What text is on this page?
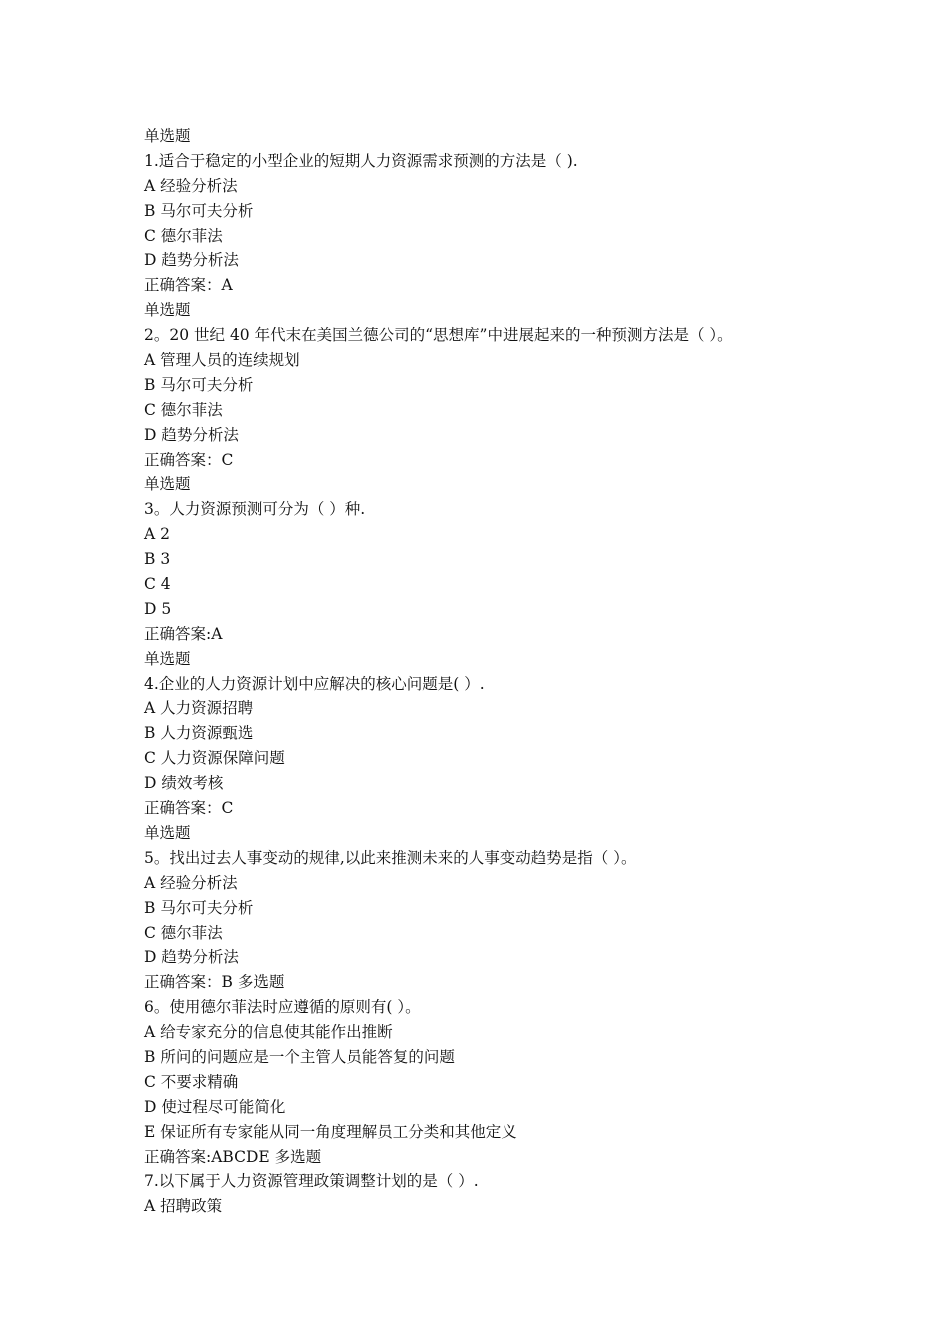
单选题
1.适合于稳定的小型企业的短期人力资源需求预测的方法是（ ).
A 经验分析法
B 马尔可夫分析
C 德尔菲法
D 趋势分析法
正确答案：A
单选题
2。20 世纪 40 年代末在美国兰德公司的“思想库”中进展起来的一种预测方法是（ ）。
A 管理人员的连续规划
B 马尔可夫分析
C 德尔菲法
D 趋势分析法
正确答案：C
单选题
3。人力资源预测可分为（ ）种.
A 2
B 3
C 4
D 5
正确答案:A
单选题
4.企业的人力资源计划中应解决的核心问题是( ）.
A 人力资源招聘
B 人力资源甄选
C 人力资源保障问题
D 绩效考核
正确答案：C
单选题
5。找出过去人事变动的规律,以此来推测未来的人事变动趋势是指（ ）。
A 经验分析法
B 马尔可夫分析
C 德尔菲法
D 趋势分析法
正确答案：B 多选题
6。使用德尔菲法时应遵循的原则有( ）。
A 给专家充分的信息使其能作出推断
B 所问的问题应是一个主管人员能答复的问题
C 不要求精确
D 使过程尽可能简化
E 保证所有专家能从同一角度理解员工分类和其他定义
正确答案:ABCDE 多选题
7.以下属于人力资源管理政策调整计划的是（ ）.
A 招聘政策
